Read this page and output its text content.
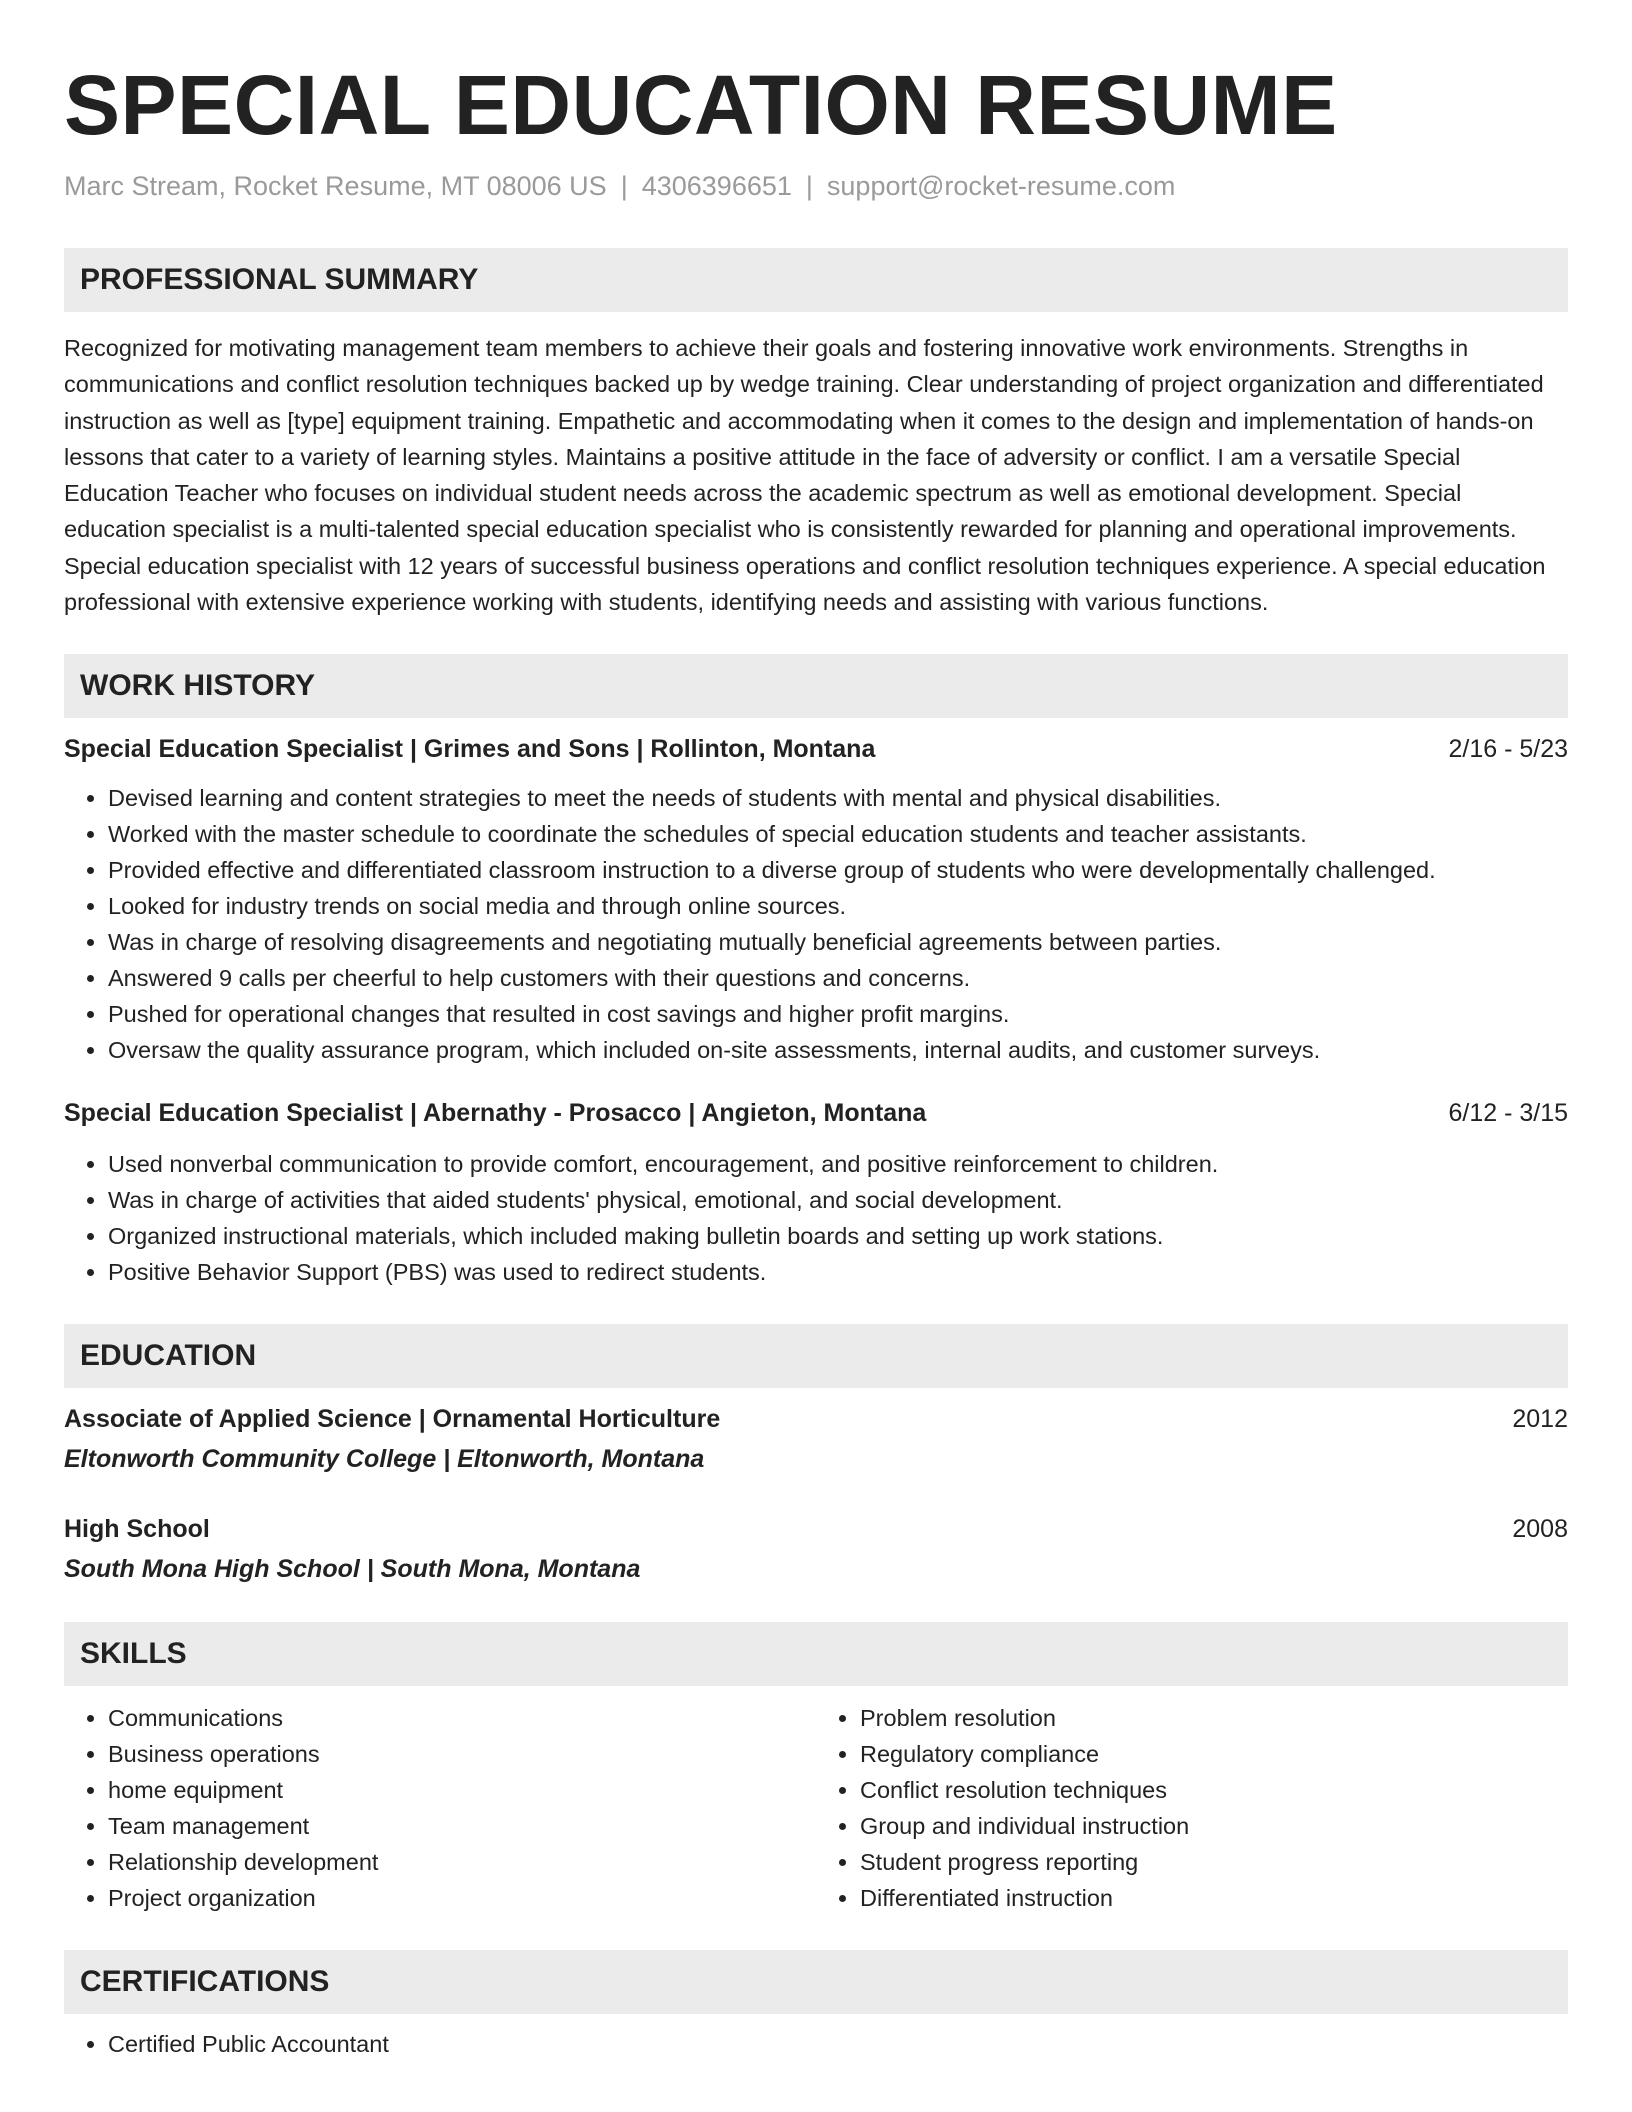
SPECIAL EDUCATION RESUME
Marc Stream, Rocket Resume, MT 08006 US | 4306396651 | support@rocket-resume.com
PROFESSIONAL SUMMARY

Recognized for motivating management team members to achieve their goals and fostering innovative work environments. Strengths in communications and conflict resolution techniques backed up by wedge training. Clear understanding of project organization and differentiated instruction as well as [type] equipment training. Empathetic and accommodating when it comes to the design and implementation of hands-on lessons that cater to a variety of learning styles. Maintains a positive attitude in the face of adversity or conflict. I am a versatile Special Education Teacher who focuses on individual student needs across the academic spectrum as well as emotional development. Special education specialist is a multi-talented special education specialist who is consistently rewarded for planning and operational improvements. Special education specialist with 12 years of successful business operations and conflict resolution techniques experience. A special education professional with extensive experience working with students, identifying needs and assisting with various functions.

WORK HISTORY
Special Education Specialist | Grimes and Sons | Rollinton, Montana	2/16 - 5/23
• Devised learning and content strategies to meet the needs of students with mental and physical disabilities.
• Worked with the master schedule to coordinate the schedules of special education students and teacher assistants.
• Provided effective and differentiated classroom instruction to a diverse group of students who were developmentally challenged.
• Looked for industry trends on social media and through online sources.
• Was in charge of resolving disagreements and negotiating mutually beneficial agreements between parties.
• Answered 9 calls per cheerful to help customers with their questions and concerns.
• Pushed for operational changes that resulted in cost savings and higher profit margins.
• Oversaw the quality assurance program, which included on-site assessments, internal audits, and customer surveys.
Special Education Specialist | Abernathy - Prosacco | Angieton, Montana	6/12 - 3/15
• Used nonverbal communication to provide comfort, encouragement, and positive reinforcement to children.
• Was in charge of activities that aided students' physical, emotional, and social development.
• Organized instructional materials, which included making bulletin boards and setting up work stations.
• Positive Behavior Support (PBS) was used to redirect students.
EDUCATION
Associate of Applied Science | Ornamental Horticulture	2012
Eltonworth Community College | Eltonworth, Montana
High School	2008
South Mona High School | South Mona, Montana
SKILLS
• Communications
• Business operations
• home equipment
• Team management
• Relationship development
• Project organization
• Problem resolution
• Regulatory compliance
• Conflict resolution techniques
• Group and individual instruction
• Student progress reporting
• Differentiated instruction
CERTIFICATIONS
• Certified Public Accountant
